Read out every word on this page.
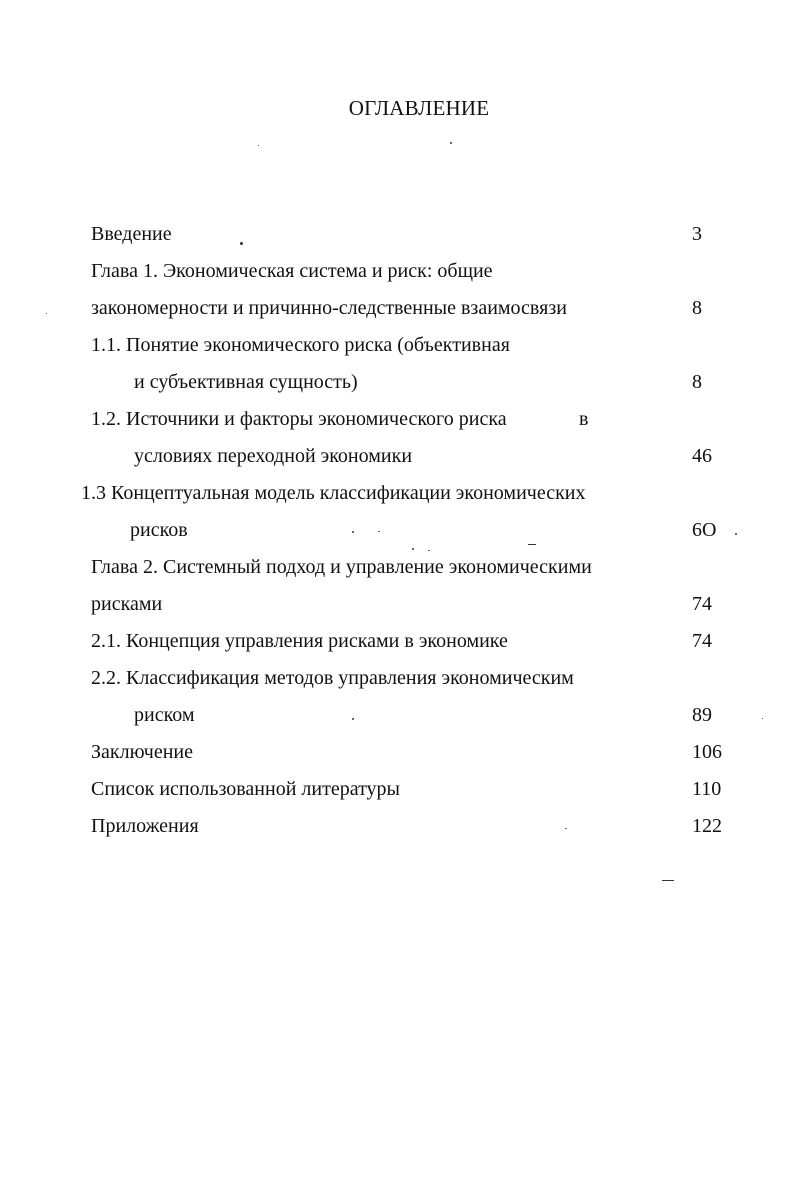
ОГЛАВЛЕНИЕ
Введение	3
Глава 1. Экономическая система и риск: общие
закономерности и причинно-следственные взаимосвязи	8
1.1. Понятие экономического риска (объективная
и субъективная сущность)	8
1.2. Источники и факторы экономического риска	в
условиях переходной экономики	46
1.3 Концептуальная модель классификации экономических
рисков	6О
Глава 2. Системный подход и управление экономическими
рисками	74
2.1. Концепция управления рисками в экономике	74
2.2. Классификация методов управления экономическим
риском	89
Заключение	106
Список использованной литературы	110
Приложения	122
